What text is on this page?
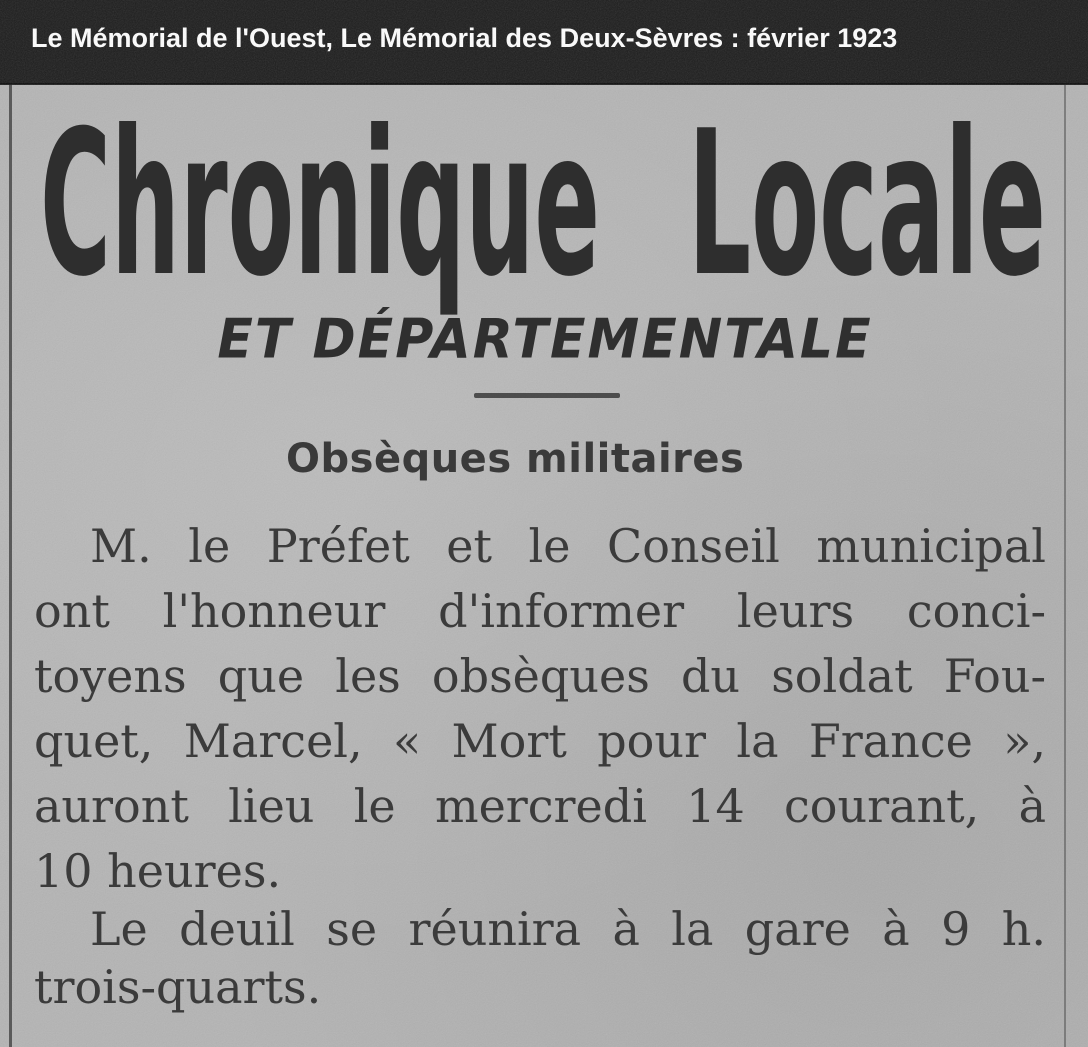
Le Mémorial de l'Ouest, Le Mémorial des Deux-Sèvres : février 1923
Chronique Locale
ET DÉPARTEMENTALE
Obsèques militaires
M. le Préfet et le Conseil municipal
ont l'honneur d'informer leurs conci-
toyens que les obsèques du soldat Fou-
quet, Marcel, « Mort pour la France »,
auront lieu le mercredi 14 courant, à
10 heures.
Le deuil se réunira à la gare à 9 h.
trois-quarts.
